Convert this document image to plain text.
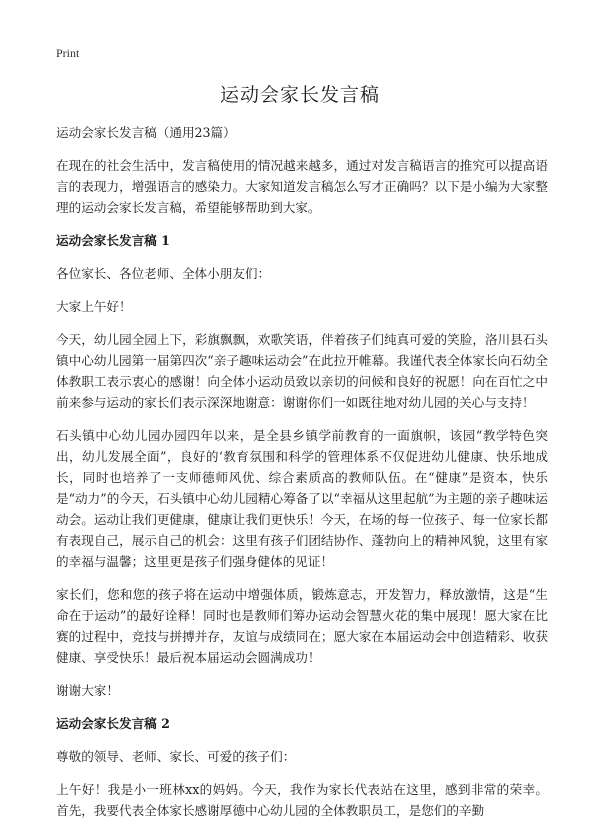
Print
运动会家长发言稿

运动会家长发言稿（通用23篇）

在现在的社会生活中，发言稿使用的情况越来越多，通过对发言稿语言的推究可以提高语言的表现力，增强语言的感染力。大家知道发言稿怎么写才正确吗？以下是小编为大家整理的运动会家长发言稿，希望能够帮助到大家。

运动会家长发言稿 1

各位家长、各位老师、全体小朋友们：

大家上午好！

今天，幼儿园全园上下，彩旗飘飘，欢歌笑语，伴着孩子们纯真可爱的笑脸，洛川县石头镇中心幼儿园第一届第四次“亲子趣味运动会”在此拉开帷幕。我谨代表全体家长向石幼全体教职工表示衷心的感谢！向全体小运动员致以亲切的问候和良好的祝愿！向在百忙之中前来参与运动的家长们表示深深地谢意：谢谢你们一如既往地对幼儿园的关心与支持！

石头镇中心幼儿园办园四年以来，是全县乡镇学前教育的一面旗帜，该园“教学特色突出，幼儿发展全面”，良好的‘教育氛围和科学的管理体系不仅促进幼儿健康、快乐地成长，同时也培养了一支师德师风优、综合素质高的教师队伍。在“健康”是资本，快乐是“动力”的今天，石头镇中心幼儿园精心筹备了以“幸福从这里起航”为主题的亲子趣味运动会。运动让我们更健康，健康让我们更快乐！今天，在场的每一位孩子、每一位家长都有表现自己，展示自己的机会：这里有孩子们团结协作、蓬勃向上的精神风貌，这里有家的幸福与温馨；这里更是孩子们强身健体的见证！

家长们，您和您的孩子将在运动中增强体质，锻炼意志，开发智力，释放激情，这是“生命在于运动”的最好诠释！同时也是教师们筹办运动会智慧火花的集中展现！愿大家在比赛的过程中，竞技与拼搏并存，友谊与成绩同在；愿大家在本届运动会中创造精彩、收获健康、享受快乐！最后祝本届运动会圆满成功！

谢谢大家！

运动会家长发言稿 2

尊敬的领导、老师、家长、可爱的孩子们：

上午好！我是小一班林xx的妈妈。今天，我作为家长代表站在这里，感到非常的荣幸。首先，我要代表全体家长感谢厚德中心幼儿园的全体教职员工，是您们的辛勤
